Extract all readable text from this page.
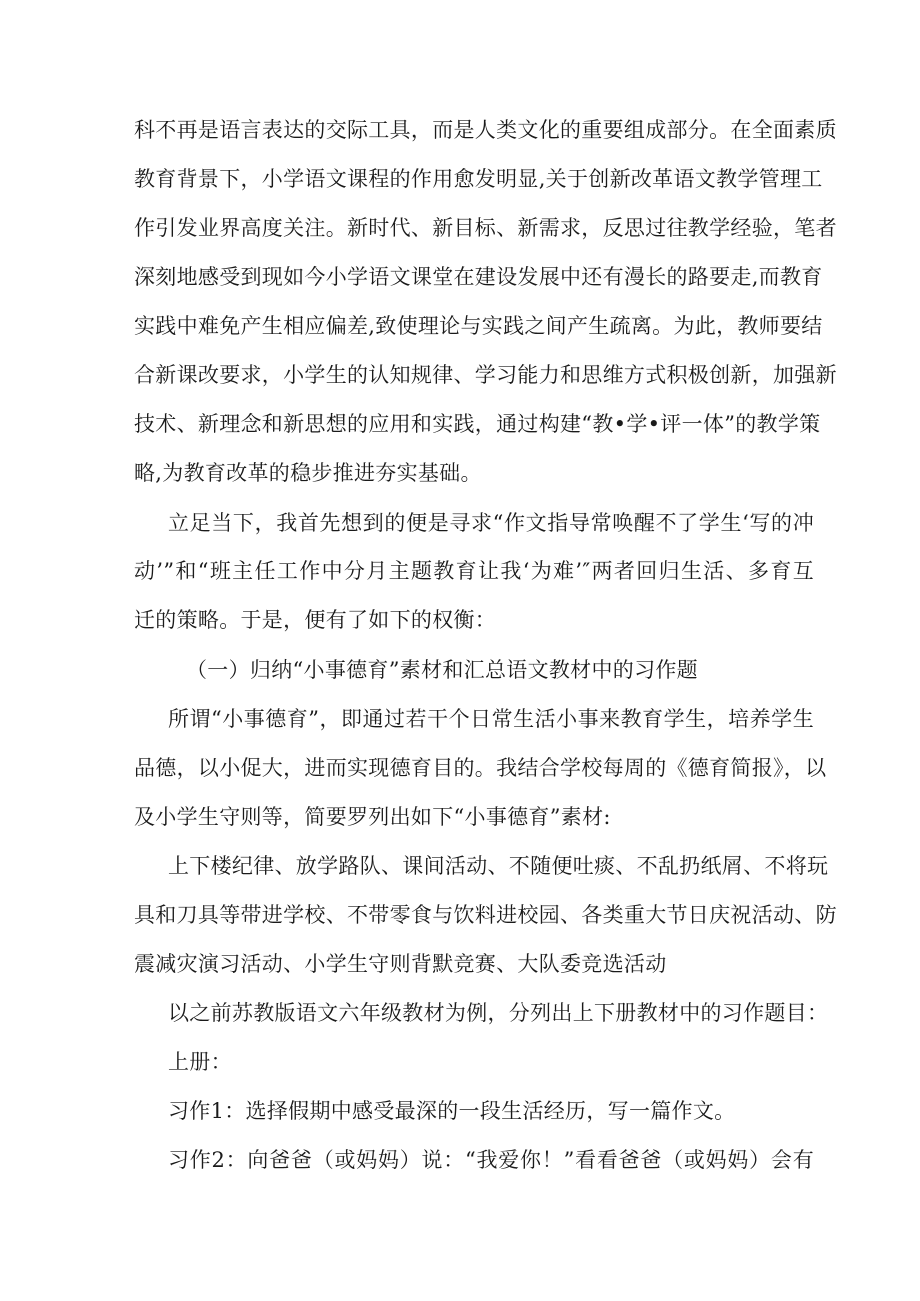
科不再是语言表达的交际工具，而是人类文化的重要组成部分。在全面素质
教育背景下，小学语文课程的作用愈发明显,关于创新改革语文教学管理工
作引发业界高度关注。新时代、新目标、新需求，反思过往教学经验，笔者
深刻地感受到现如今小学语文课堂在建设发展中还有漫长的路要走,而教育
实践中难免产生相应偏差,致使理论与实践之间产生疏离。为此，教师要结
合新课改要求，小学生的认知规律、学习能力和思维方式积极创新，加强新
技术、新理念和新思想的应用和实践，通过构建“教•学•评一体”的教学策
略,为教育改革的稳步推进夯实基础。
立足当下，我首先想到的便是寻求“作文指导常唤醒不了学生‘写的冲
动’”和“班主任工作中分月主题教育让我‘为难’″两者回归生活、多育互
迁的策略。于是，便有了如下的权衡：
（一）归纳“小事德育”素材和汇总语文教材中的习作题
所谓“小事德育”，即通过若干个日常生活小事来教育学生，培养学生
品德，以小促大，进而实现德育目的。我结合学校每周的《德育简报》，以
及小学生守则等，简要罗列出如下“小事德育”素材:
上下楼纪律、放学路队、课间活动、不随便吐痰、不乱扔纸屑、不将玩
具和刀具等带进学校、不带零食与饮料进校园、各类重大节日庆祝活动、防
震减灾演习活动、小学生守则背默竞赛、大队委竞选活动
以之前苏教版语文六年级教材为例，分列出上下册教材中的习作题目：
上册：
习作1：选择假期中感受最深的一段生活经历，写一篇作文。
习作2：向爸爸（或妈妈）说：“我爱你！”看看爸爸（或妈妈）会有
